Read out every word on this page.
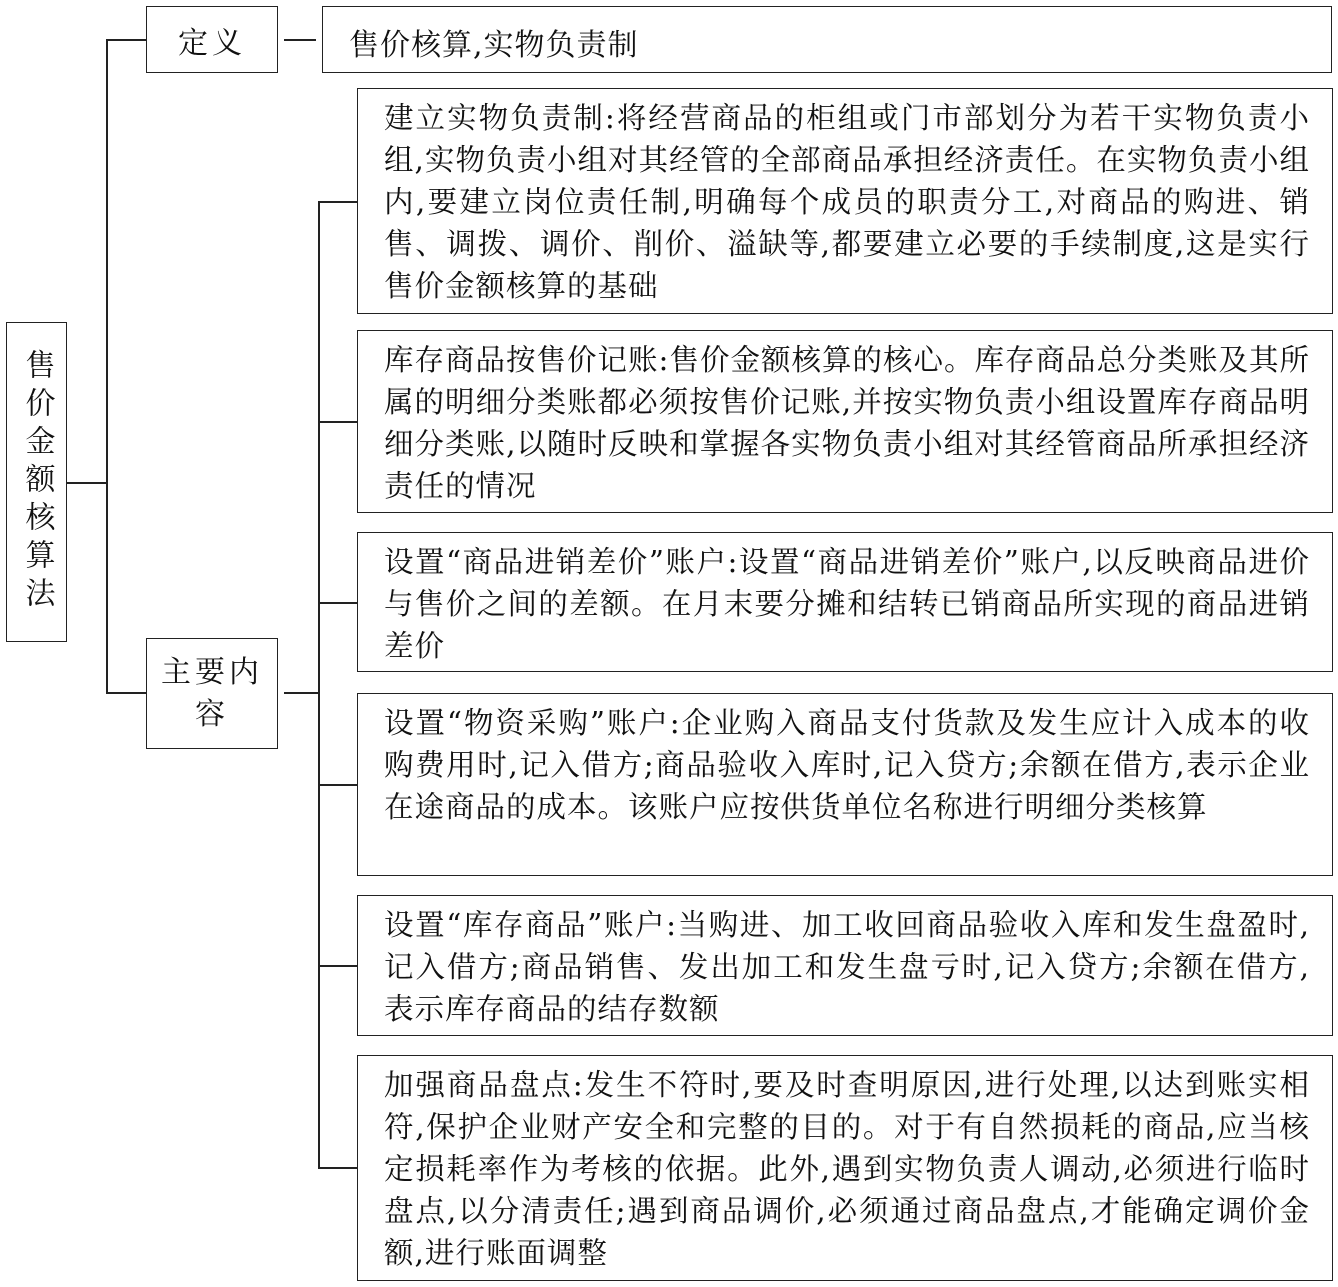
售价金额核算法
定义	售价核算,实物负责制
主要内容
建立实物负责制:将经营商品的柜组或门市部划分为若干实物负责小组,实物负责小组对其经管的全部商品承担经济责任。在实物负责小组内,要建立岗位责任制,明确每个成员的职责分工,对商品的购进、销售、调拨、调价、削价、溢缺等,都要建立必要的手续制度,这是实行售价金额核算的基础
库存商品按售价记账:售价金额核算的核心。库存商品总分类账及其所属的明细分类账都必须按售价记账,并按实物负责小组设置库存商品明细分类账,以随时反映和掌握各实物负责小组对其经管商品所承担经济责任的情况
设置“商品进销差价”账户:设置“商品进销差价”账户,以反映商品进价与售价之间的差额。在月末要分摊和结转已销商品所实现的商品进销差价
设置“物资采购”账户:企业购入商品支付货款及发生应计入成本的收购费用时,记入借方;商品验收入库时,记入贷方;余额在借方,表示企业在途商品的成本。该账户应按供货单位名称进行明细分类核算
设置“库存商品”账户:当购进、加工收回商品验收入库和发生盘盈时,记入借方;商品销售、发出加工和发生盘亏时,记入贷方;余额在借方,表示库存商品的结存数额
加强商品盘点:发生不符时,要及时查明原因,进行处理,以达到账实相符,保护企业财产安全和完整的目的。对于有自然损耗的商品,应当核定损耗率作为考核的依据。此外,遇到实物负责人调动,必须进行临时盘点,以分清责任;遇到商品调价,必须通过商品盘点,才能确定调价金额,进行账面调整
